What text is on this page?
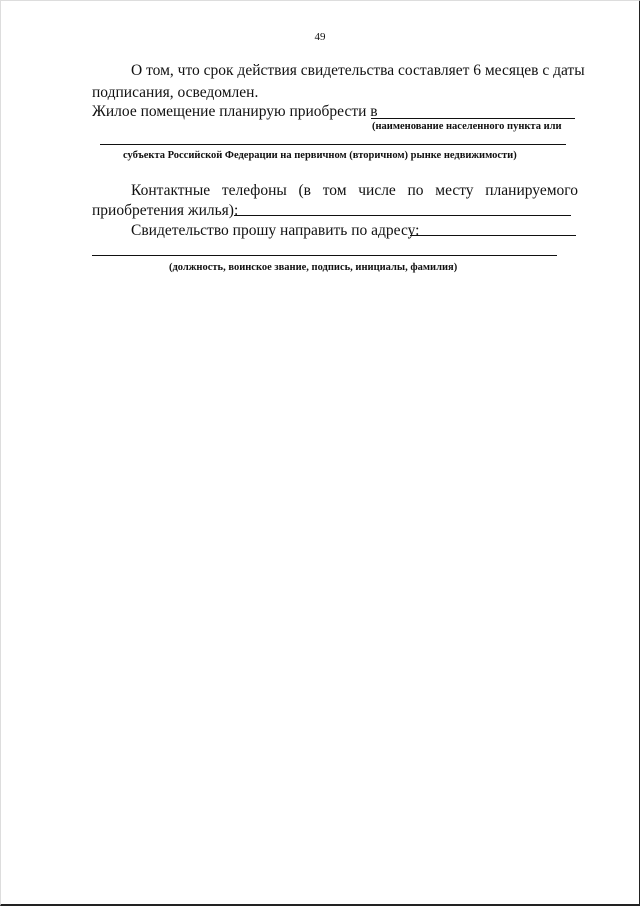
49
О том, что срок действия свидетельства составляет 6 месяцев с даты
подписания, осведомлен.
Жилое помещение планирую приобрести в
(наименование населенного пункта или
субъекта Российской Федерации на первичном (вторичном) рынке недвижимости)
Контактные телефоны (в том числе по месту планируемого
приобретения жилья):
Свидетельство прошу направить по адресу:
(должность, воинское звание, подпись, инициалы, фамилия)
